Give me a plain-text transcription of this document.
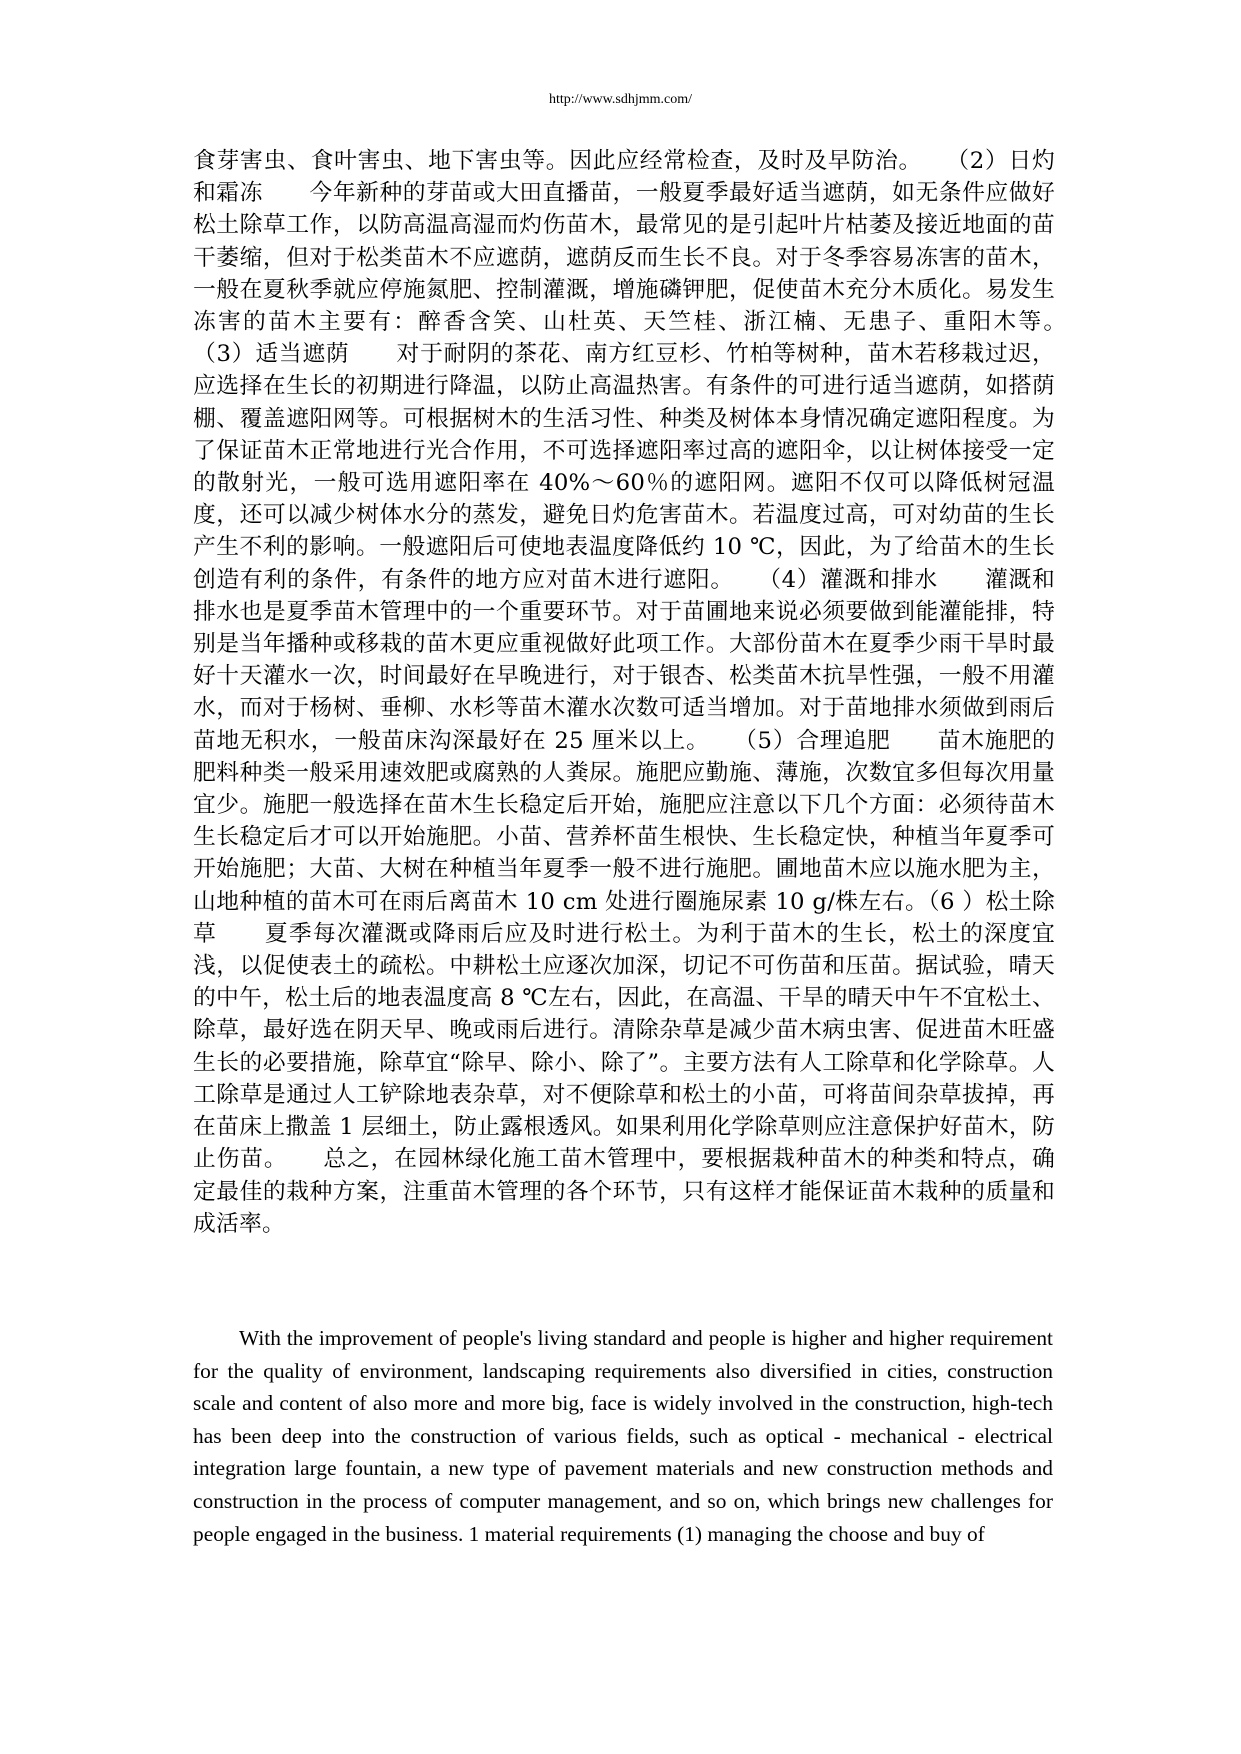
http://www.sdhjmm.com/
食芽害虫、食叶害虫、地下害虫等。因此应经常检查，及时及早防治。　　（2）日灼和霜冻　　今年新种的芽苗或大田直播苗，一般夏季最好适当遮荫，如无条件应做好松土除草工作，以防高温高湿而灼伤苗木，最常见的是引起叶片枯萎及接近地面的苗干萎缩，但对于松类苗木不应遮荫，遮荫反而生长不良。对于冬季容易冻害的苗木，一般在夏秋季就应停施氮肥、控制灌溉，增施磷钾肥，促使苗木充分木质化。易发生冻害的苗木主要有：醉香含笑、山杜英、天竺桂、浙江楠、无患子、重阳木等。　　（3）适当遮荫　　对于耐阴的茶花、南方红豆杉、竹柏等树种，苗木若移栽过迟，应选择在生长的初期进行降温，以防止高温热害。有条件的可进行适当遮荫，如搭荫棚、覆盖遮阳网等。可根据树木的生活习性、种类及树体本身情况确定遮阳程度。为了保证苗木正常地进行光合作用，不可选择遮阳率过高的遮阳伞，以让树体接受一定的散射光，一般可选用遮阳率在 40%～60％的遮阳网。遮阳不仅可以降低树冠温度，还可以减少树体水分的蒸发，避免日灼危害苗木。若温度过高，可对幼苗的生长产生不利的影响。一般遮阳后可使地表温度降低约 10 ℃，因此，为了给苗木的生长创造有利的条件，有条件的地方应对苗木进行遮阳。　　（4）灌溉和排水　　灌溉和排水也是夏季苗木管理中的一个重要环节。对于苗圃地来说必须要做到能灌能排，特别是当年播种或移栽的苗木更应重视做好此项工作。大部份苗木在夏季少雨干旱时最好十天灌水一次，时间最好在早晚进行，对于银杏、松类苗木抗旱性强，一般不用灌水，而对于杨树、垂柳、水杉等苗木灌水次数可适当增加。对于苗地排水须做到雨后苗地无积水，一般苗床沟深最好在 25 厘米以上。　　（5）合理追肥　　苗木施肥的肥料种类一般采用速效肥或腐熟的人粪尿。施肥应勤施、薄施，次数宜多但每次用量宜少。施肥一般选择在苗木生长稳定后开始，施肥应注意以下几个方面：必须待苗木生长稳定后才可以开始施肥。小苗、营养杯苗生根快、生长稳定快，种植当年夏季可开始施肥；大苗、大树在种植当年夏季一般不进行施肥。圃地苗木应以施水肥为主，山地种植的苗木可在雨后离苗木 10 cm 处进行圈施尿素 10 g/株左右。（6 ）松土除草　　夏季每次灌溉或降雨后应及时进行松土。为利于苗木的生长，松土的深度宜浅，以促使表土的疏松。中耕松土应逐次加深，切记不可伤苗和压苗。据试验，晴天的中午，松土后的地表温度高 8 ℃左右，因此，在高温、干旱的晴天中午不宜松土、除草，最好选在阴天早、晚或雨后进行。清除杂草是减少苗木病虫害、促进苗木旺盛生长的必要措施，除草宜“除早、除小、除了”。主要方法有人工除草和化学除草。人工除草是通过人工铲除地表杂草，对不便除草和松土的小苗，可将苗间杂草拔掉，再在苗床上撒盖 1 层细土，防止露根透风。如果利用化学除草则应注意保护好苗木，防止伤苗。　　总之，在园林绿化施工苗木管理中，要根据栽种苗木的种类和特点，确定最佳的栽种方案，注重苗木管理的各个环节，只有这样才能保证苗木栽种的质量和成活率。
With the improvement of people's living standard and people is higher and higher requirement for the quality of environment, landscaping requirements also diversified in cities, construction scale and content of also more and more big, face is widely involved in the construction, high-tech has been deep into the construction of various fields, such as optical - mechanical - electrical integration large fountain, a new type of pavement materials and new construction methods and construction in the process of computer management, and so on, which brings new challenges for people engaged in the business. 1 material requirements (1) managing the choose and buy of
